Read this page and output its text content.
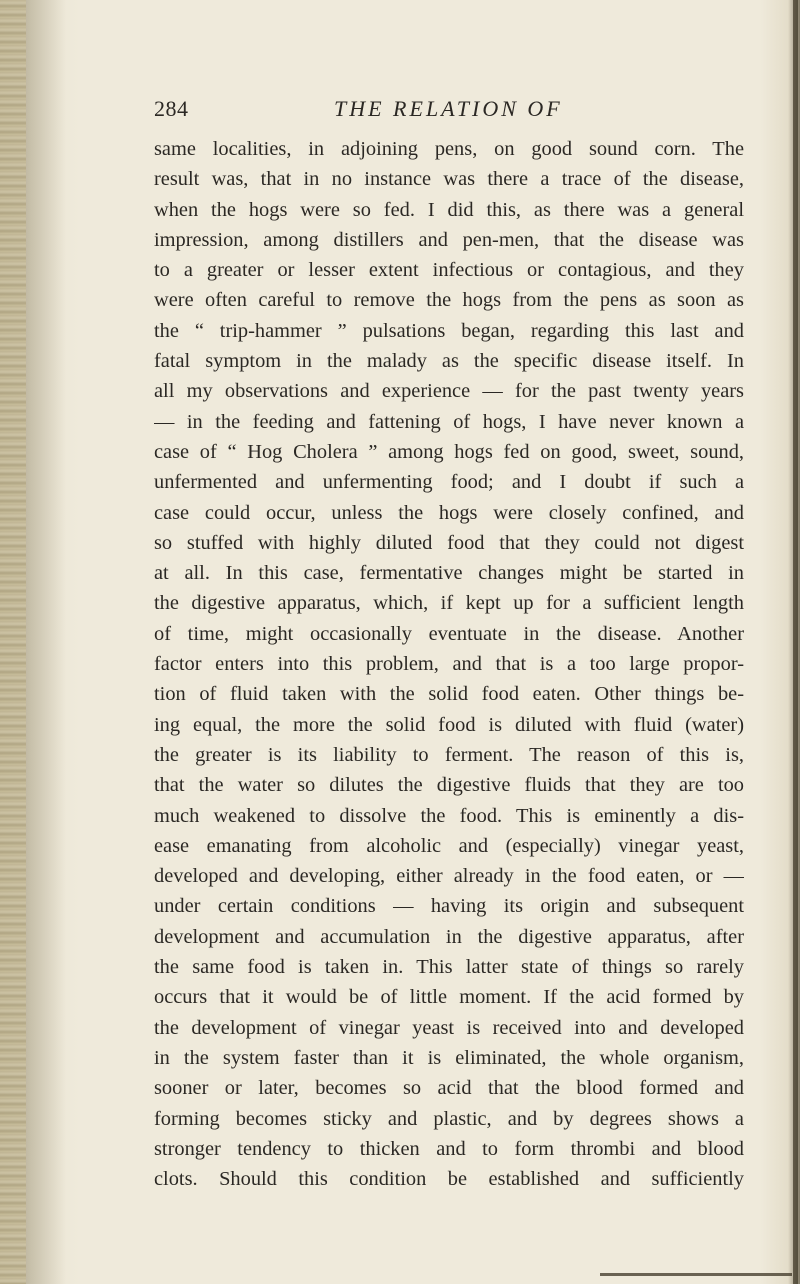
284	THE RELATION OF
same localities, in adjoining pens, on good sound corn. The
result was, that in no instance was there a trace of the disease,
when the hogs were so fed. I did this, as there was a general
impression, among distillers and pen-men, that the disease was
to a greater or lesser extent infectious or contagious, and they
were often careful to remove the hogs from the pens as soon as
the “ trip-hammer ” pulsations began, regarding this last and
fatal symptom in the malady as the specific disease itself. In
all my observations and experience — for the past twenty years
— in the feeding and fattening of hogs, I have never known a
case of “ Hog Cholera ” among hogs fed on good, sweet, sound,
unfermented and unfermenting food; and I doubt if such a
case could occur, unless the hogs were closely confined, and
so stuffed with highly diluted food that they could not digest
at all. In this case, fermentative changes might be started in
the digestive apparatus, which, if kept up for a sufficient length
of time, might occasionally eventuate in the disease. Another
factor enters into this problem, and that is a too large propor-
tion of fluid taken with the solid food eaten. Other things be-
ing equal, the more the solid food is diluted with fluid (water)
the greater is its liability to ferment. The reason of this is,
that the water so dilutes the digestive fluids that they are too
much weakened to dissolve the food. This is eminently a dis-
ease emanating from alcoholic and (especially) vinegar yeast,
developed and developing, either already in the food eaten, or —
under certain conditions — having its origin and subsequent
development and accumulation in the digestive apparatus, after
the same food is taken in. This latter state of things so rarely
occurs that it would be of little moment. If the acid formed by
the development of vinegar yeast is received into and developed
in the system faster than it is eliminated, the whole organism,
sooner or later, becomes so acid that the blood formed and
forming becomes sticky and plastic, and by degrees shows a
stronger tendency to thicken and to form thrombi and blood
clots. Should this condition be established and sufficiently
